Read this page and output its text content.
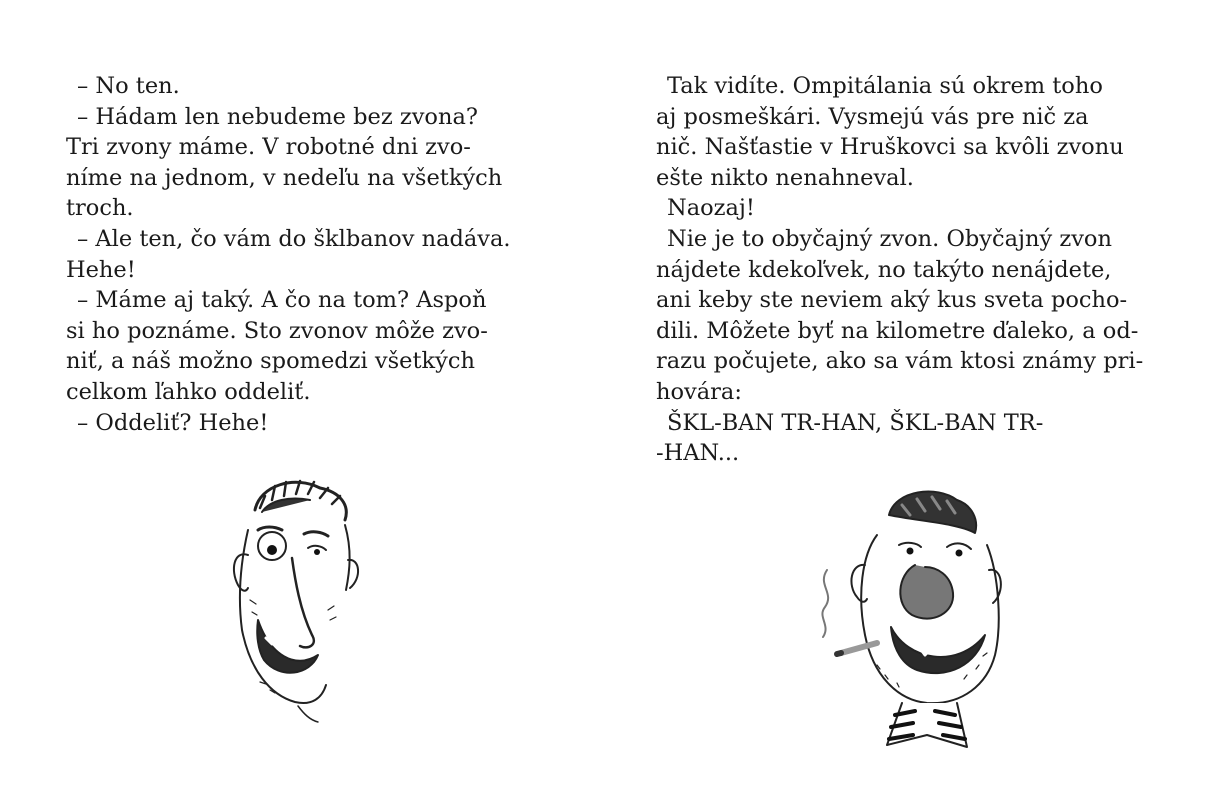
– No ten.
– Hádam len nebudeme bez zvona?
Tri zvony máme. V robotné dni zvo-
níme na jednom, v nedeľu na všetkých
troch.
– Ale ten, čo vám do šklbanov nadáva.
Hehe!
– Máme aj taký. A čo na tom? Aspoň
si ho poznáme. Sto zvonov môže zvo-
niť, a náš možno spomedzi všetkých
celkom ľahko oddeliť.
– Oddeliť? Hehe!
Tak vidíte. Ompitálania sú okrem toho
aj posmeškári. Vysmejú vás pre nič za
nič. Našťastie v Hruškovci sa kvôli zvonu
ešte nikto nenahneval.
Naozaj!
Nie je to obyčajný zvon. Obyčajný zvon
nájdete kdekoľvek, no takýto nenájdete,
ani keby ste neviem aký kus sveta pocho-
dili. Môžete byť na kilometre ďaleko, a od-
razu počujete, ako sa vám ktosi známy pri-
hovára:
ŠKL-BAN TR-HAN, ŠKL-BAN TR-
-HAN...
